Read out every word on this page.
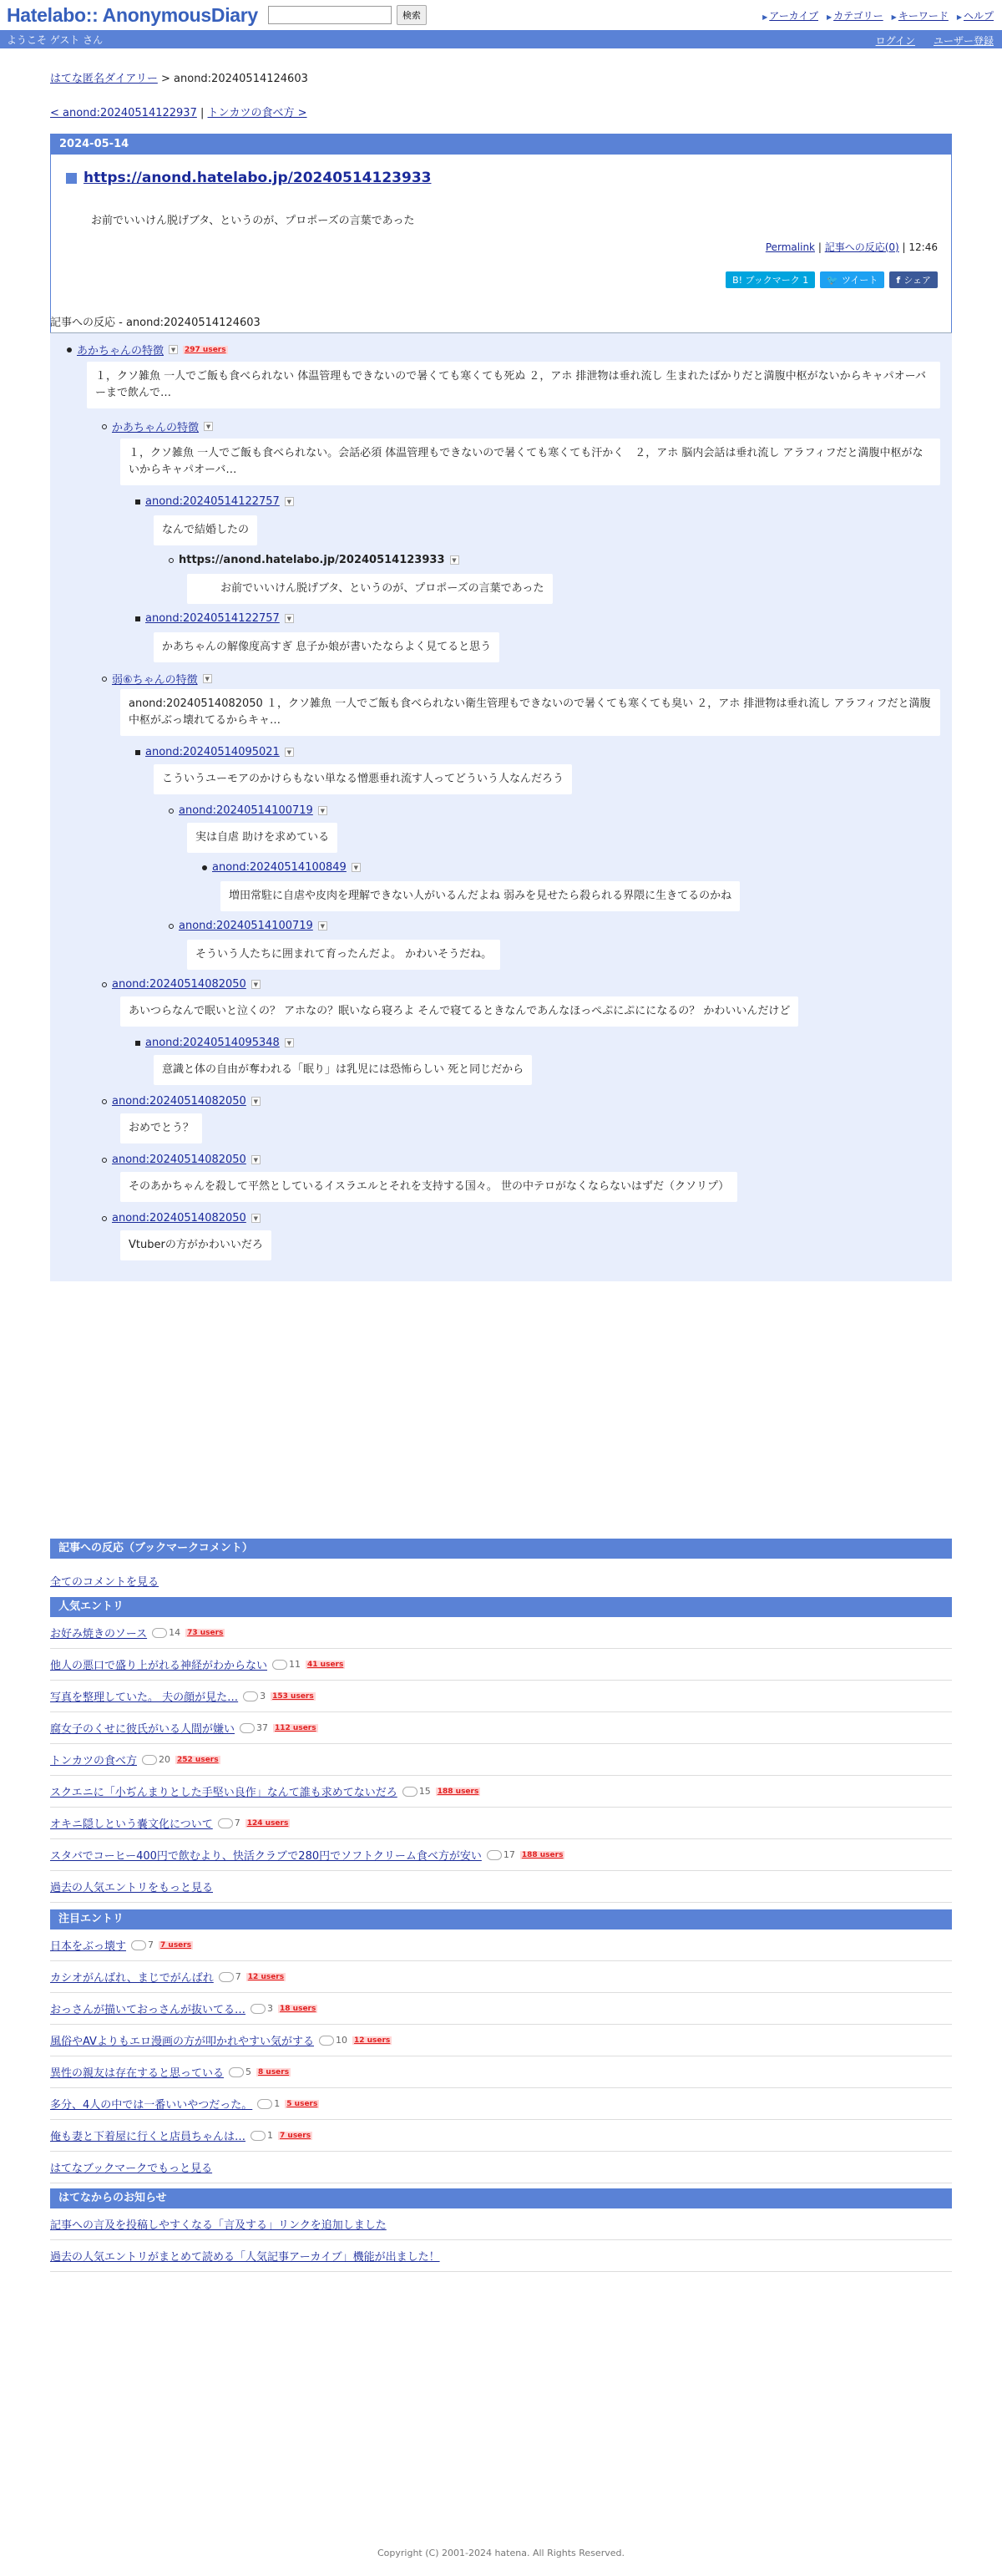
Hatelabo:: AnonymousDiary	検索	▶ アーカイブ	▶ カテゴリー	▶ キーワード	▶ ヘルプ
ようこそ ゲスト さん	ログイン ユーザー登録
はてな匿名ダイアリー > anond:20240514124603
< anond:20240514122937 | トンカツの食べ方 >
2024-05-14
https://anond.hatelabo.jp/20240514123933
お前でいいけん脱げブタ、というのが、プロポーズの言葉であった
Permalink | 記事への反応(0) | 12:46
B! ブックマーク 1	🐦 ツイート f シェア
記事への反応 - anond:20240514124603
あかちゃんの特徴	▼	297 users
１，クソ雑魚 一人でご飯も食べられない 体温管理もできないので暑くても寒くても死ぬ ２，アホ 排泄物は垂れ流し 生まれたばかりだと満腹中枢がないからキャパオーバーまで飲んで…
かあちゃんの特徴	▼
１，クソ雑魚 一人でご飯も食べられない。会話必須 体温管理もできないので暑くても寒くても汗かく　２，アホ 脳内会話は垂れ流し アラフィフだと満腹中枢がないからキャパオーバ…
anond:20240514122757	▼
なんで結婚したの
https://anond.hatelabo.jp/20240514123933	▼
お前でいいけん脱げブタ、というのが、プロポーズの言葉であった
anond:20240514122757	▼
かあちゃんの解像度高すぎ 息子か娘が書いたならよく見てると思う
弱⑥ちゃんの特徴	▼
anond:20240514082050 １，クソ雑魚 一人でご飯も食べられない衛生管理もできないので暑くても寒くても臭い ２，アホ 排泄物は垂れ流し アラフィフだと満腹中枢がぶっ壊れてるからキャ…
anond:20240514095021	▼
こういうユーモアのかけらもない単なる憎悪垂れ流す人ってどういう人なんだろう
anond:20240514100719	▼
実は自虐 助けを求めている
anond:20240514100849	▼
増田常駐に自虐や皮肉を理解できない人がいるんだよね 弱みを見せたら殺られる界隈に生きてるのかね
anond:20240514100719	▼
そういう人たちに囲まれて育ったんだよ。 かわいそうだね。
anond:20240514082050	▼
あいつらなんで眠いと泣くの？ アホなの？眠いなら寝ろよ そんで寝てるときなんであんなほっぺぷにぷにになるの？ かわいいんだけど
anond:20240514095348	▼
意識と体の自由が奪われる「眠り」は乳児には恐怖らしい 死と同じだから
anond:20240514082050	▼
おめでとう？
anond:20240514082050	▼
そのあかちゃんを殺して平然としているイスラエルとそれを支持する国々。 世の中テロがなくならないはずだ（クソリプ）
anond:20240514082050	▼
Vtuberの方がかわいいだろ
記事への反応（ブックマークコメント）
全てのコメントを見る
人気エントリ
お好み焼きのソース 14 73 users
他人の悪口で盛り上がれる神経がわからない 11 41 users
写真を整理していた。 夫の顔が見た… 3 153 users
腐女子のくせに彼氏がいる人間が嫌い 37 112 users
トンカツの食べ方 20 252 users
スクエニに「小ぢんまりとした手堅い良作」なんて誰も求めてないだろ 15 188 users
オキニ隠しという嚢文化について 7 124 users
スタバでコーヒー400円で飲むより、快活クラブで280円でソフトクリーム食べ方が安い 17 188 users
過去の人気エントリをもっと見る
注目エントリ
日本をぶっ壊す 7 7 users
カシオがんばれ、まじでがんばれ 7 12 users
おっさんが描いておっさんが抜いてる… 3 18 users
風俗やAVよりもエロ漫画の方が叩かれやすい気がする 10 12 users
異性の親友は存在すると思っている 5 8 users
多分、4人の中では一番いいやつだった。 1 5 users
俺も妻と下着屋に行くと店員ちゃんは… 1 7 users
はてなブックマークでもっと見る
はてなからのお知らせ
記事への言及を投稿しやすくなる「言及する」リンクを追加しました
過去の人気エントリがまとめて読める「人気記事アーカイブ」機能が出ました！
Copyright (C) 2001-2024 hatena. All Rights Reserved.
